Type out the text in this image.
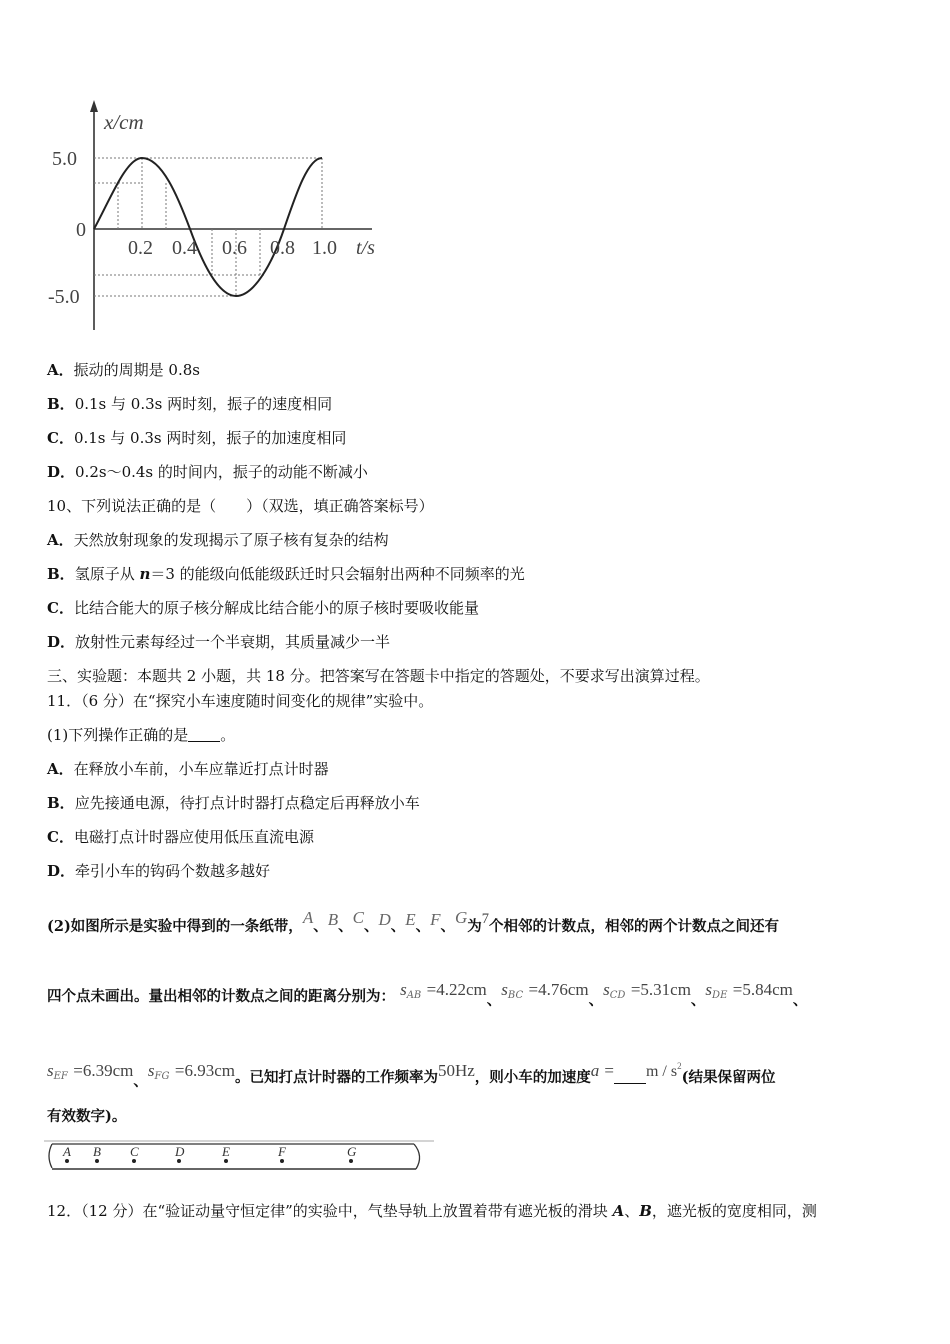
x/cm
5.0
0
-5.0
0.2 0.4 0.6 0.8 1.0 t/s
A．振动的周期是 0.8s
B．0.1s 与 0.3s 两时刻，振子的速度相同
C．0.1s 与 0.3s 两时刻，振子的加速度相同
D．0.2s～0.4s 的时间内，振子的动能不断减小
10、下列说法正确的是（　　）（双选，填正确答案标号）
A．天然放射现象的发现揭示了原子核有复杂的结构
B．氢原子从 n＝3 的能级向低能级跃迁时只会辐射出两种不同频率的光
C．比结合能大的原子核分解成比结合能小的原子核时要吸收能量
D．放射性元素每经过一个半衰期，其质量减少一半
三、实验题：本题共 2 小题，共 18 分。把答案写在答题卡中指定的答题处，不要求写出演算过程。
11．（6 分）在“探究小车速度随时间变化的规律”实验中。
(1)下列操作正确的是 。
A．在释放小车前，小车应靠近打点计时器
B．应先接通电源，待打点计时器打点稳定后再释放小车
C．电磁打点计时器应使用低压直流电源
D．牵引小车的钩码个数越多越好
(2)如图所示是实验中得到的一条纸带，A、B、C、D、E、F、G为7个相邻的计数点，相邻的两个计数点之间还有
四个点未画出。量出相邻的计数点之间的距离分别为： $s_{AB} =4.22cm$、$s_{BC} =4.76cm$、$s_{CD} =5.31cm$、$s_{DE} =5.84cm$、
$s_{EF} =6.39cm$、$s_{FG} =6.93cm$。已知打点计时器的工作频率为50Hz，则小车的加速度$a = m / s^2$(结果保留两位
有效数字)。
A B C	D	E	F	G
12．（12 分）在“验证动量守恒定律”的实验中，气垫导轨上放置着带有遮光板的滑块 A、B，遮光板的宽度相同，测
